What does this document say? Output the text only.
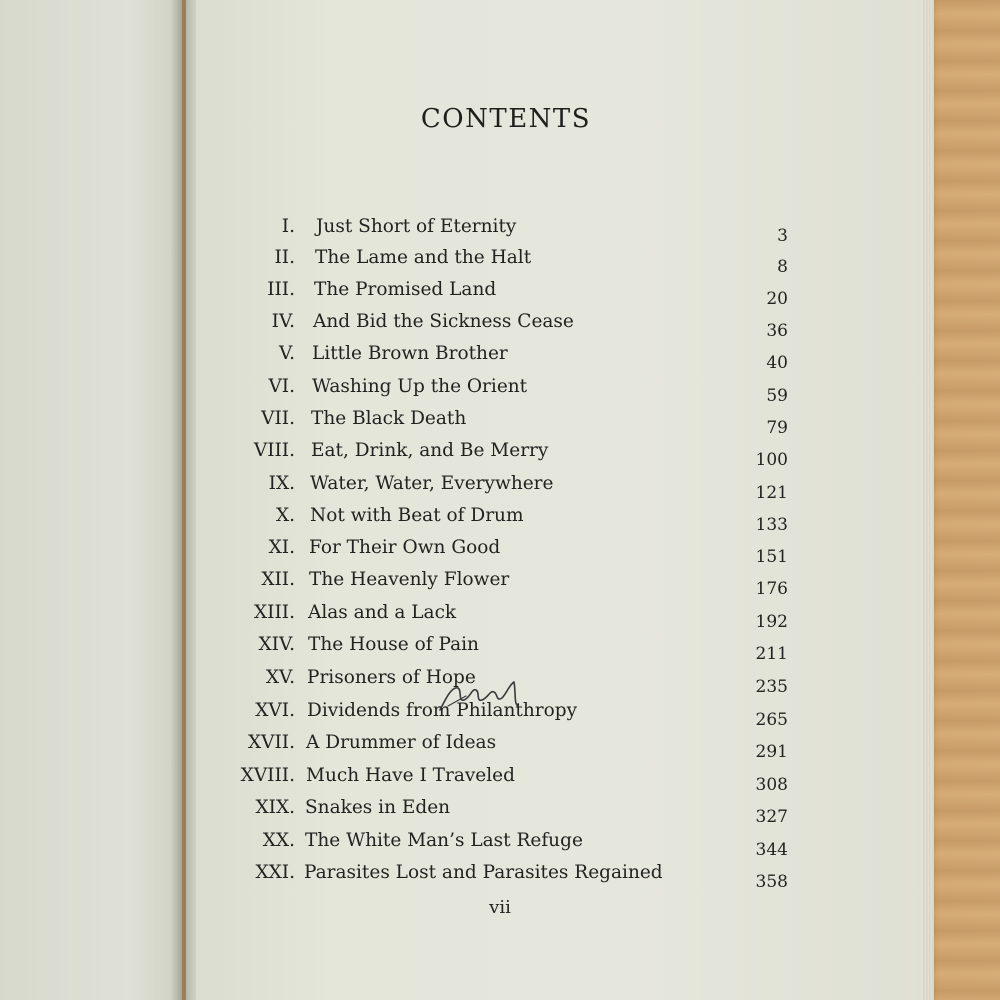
CONTENTS
I. Just Short of Eternity	3
II. The Lame and the Halt	8
III. The Promised Land	20
IV. And Bid the Sickness Cease	36
V. Little Brown Brother	40
VI. Washing Up the Orient	59
VII. The Black Death	79
VIII. Eat, Drink, and Be Merry	100
IX. Water, Water, Everywhere	121
X. Not with Beat of Drum	133
XI. For Their Own Good	151
XII. The Heavenly Flower	176
XIII. Alas and a Lack	192
XIV. The House of Pain	211
XV. Prisoners of Hope	235
XVI. Dividends from Philanthropy	265
XVII. A Drummer of Ideas	291
XVIII. Much Have I Traveled	308
XIX. Snakes in Eden	327
XX. The White Man’s Last Refuge	344
XXI. Parasites Lost and Parasites Regained	358
vii
